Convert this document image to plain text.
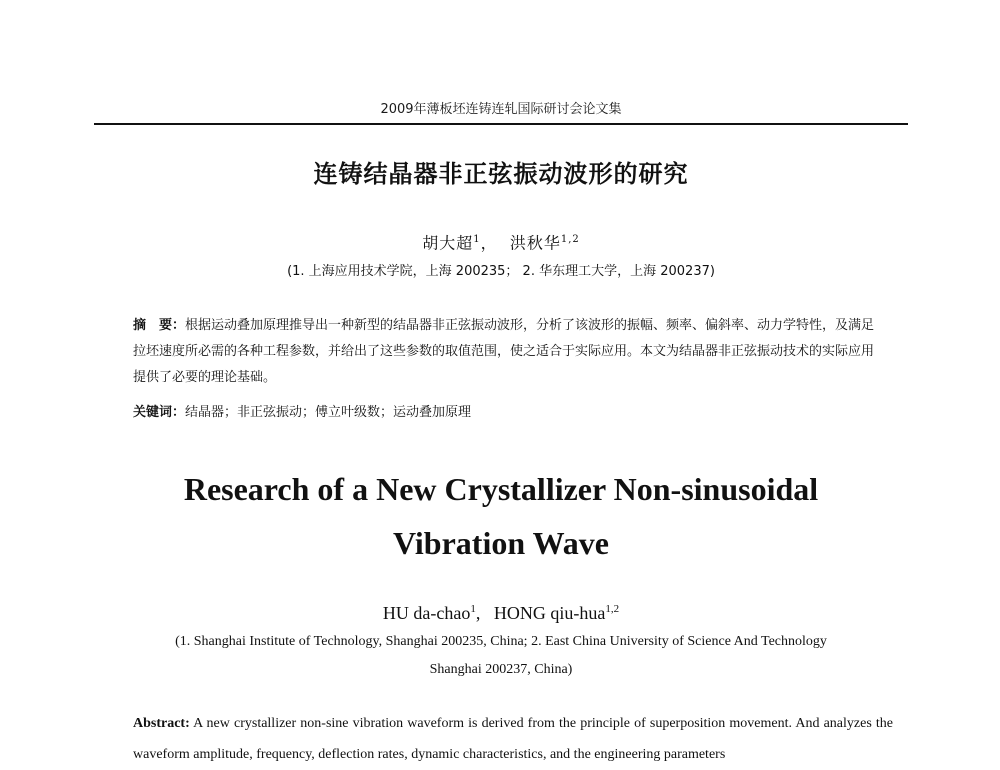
2009年薄板坯连铸连轧国际研讨会论文集
连铸结晶器非正弦振动波形的研究
胡大超$^1$， 洪秋华$^{1,2}$
(1. 上海应用技术学院，上海 200235； 2. 华东理工大学，上海 200237)
摘　要：根据运动叠加原理推导出一种新型的结晶器非正弦振动波形，分析了该波形的振幅、频率、偏斜率、动力学特性，及满足拉坯速度所必需的各种工程参数，并给出了这些参数的取值范围，使之适合于实际应用。本文为结晶器非正弦振动技术的实际应用提供了必要的理论基础。
关键词：结晶器；非正弦振动；傅立叶级数；运动叠加原理
Research of a New Crystallizer Non-sinusoidal
Vibration Wave
HU da-chao$^1$, HONG qiu-hua$^{1,2}$
(1. Shanghai Institute of Technology, Shanghai 200235, China; 2. East China University of Science And Technology
Shanghai 200237, China)
Abstract: A new crystallizer non-sine vibration waveform is derived from the principle of superposition movement. And analyzes the waveform amplitude, frequency, deflection rates, dynamic characteristics, and the engineering parameters
